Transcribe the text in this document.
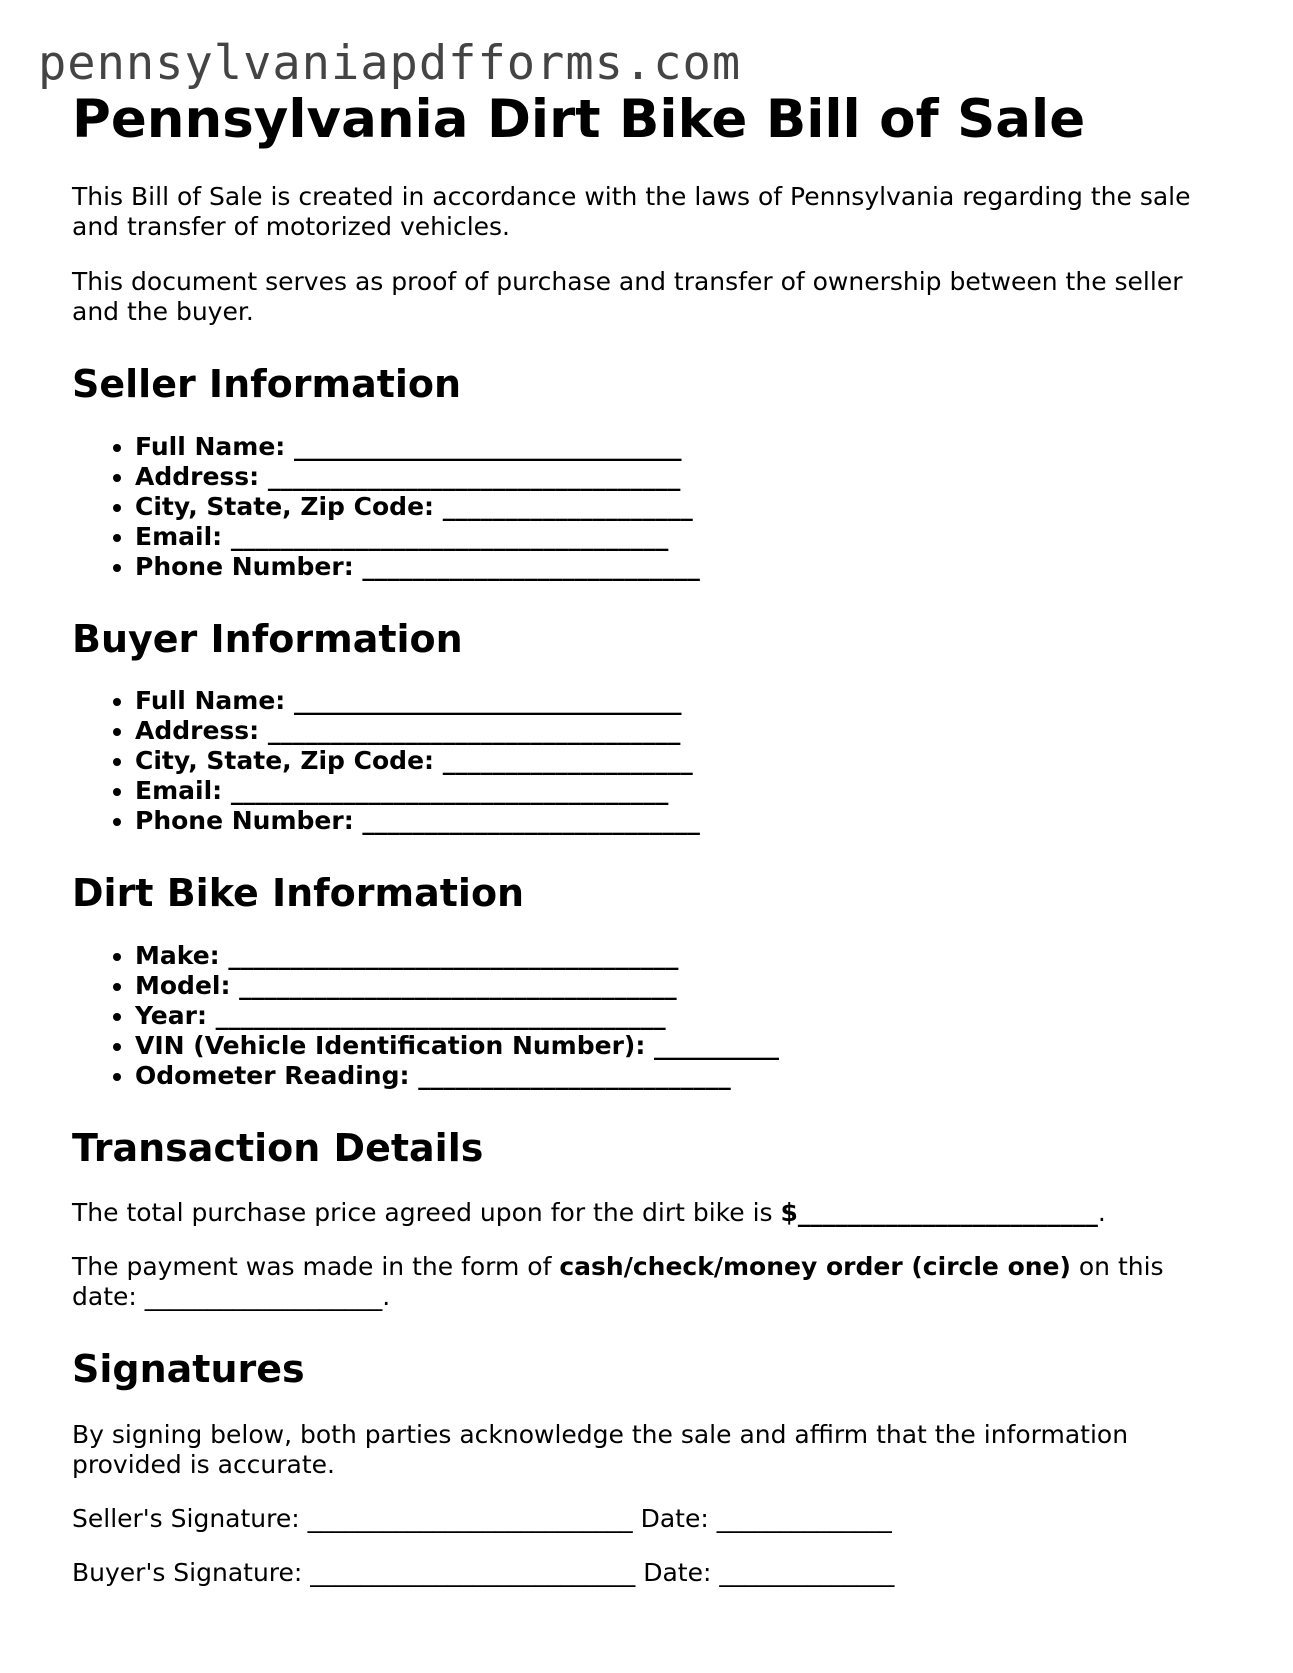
pennsylvaniapdfforms.com
Pennsylvania Dirt Bike Bill of Sale

This Bill of Sale is created in accordance with the laws of Pennsylvania regarding the sale and transfer of motorized vehicles.

This document serves as proof of purchase and transfer of ownership between the seller and the buyer.

Seller Information
• Full Name: _______________________________
• Address: _________________________________
• City, State, Zip Code: ____________________
• Email: ___________________________________
• Phone Number: ___________________________
Buyer Information
• Full Name: _______________________________
• Address: _________________________________
• City, State, Zip Code: ____________________
• Email: ___________________________________
• Phone Number: ___________________________
Dirt Bike Information
• Make: ____________________________________
• Model: ___________________________________
• Year: ____________________________________
• VIN (Vehicle Identification Number): __________
• Odometer Reading: _________________________
Transaction Details

The total purchase price agreed upon for the dirt bike is $________________________.

The payment was made in the form of cash/check/money order (circle one) on this date: ___________________.

Signatures

By signing below, both parties acknowledge the sale and affirm that the information provided is accurate.

Seller's Signature: __________________________ Date: ______________

Buyer's Signature: __________________________ Date: ______________
